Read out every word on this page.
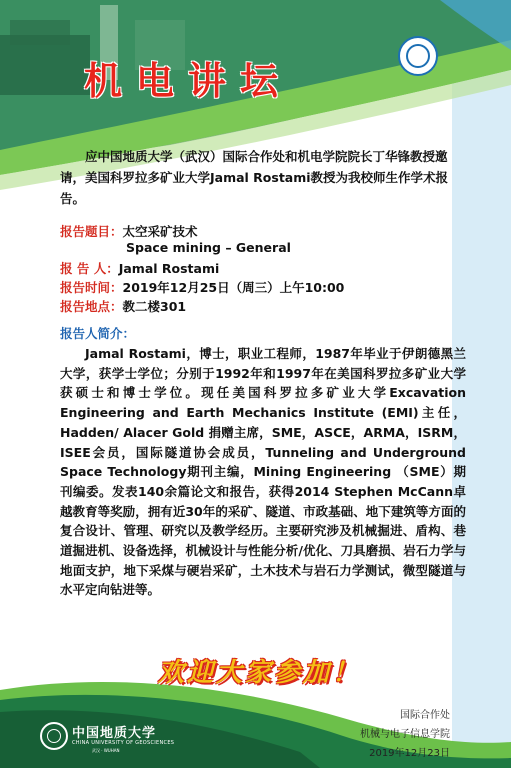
机电讲坛
应中国地质大学（武汉）国际合作处和机电学院院长丁华锋教授邀请，美国科罗拉多矿业大学Jamal Rostami教授为我校师生作学术报告。
报告题目：太空采矿技术
Space mining – General
报 告 人：Jamal Rostami
报告时间：2019年12月25日（周三）上午10:00
报告地点：教二楼301
报告人简介：
Jamal Rostami，博士，职业工程师，1987年毕业于伊朗德黑兰大学，获学士学位；分别于1992年和1997年在美国科罗拉多矿业大学获硕士和博士学位。现任美国科罗拉多矿业大学Excavation Engineering and Earth Mechanics Institute (EMI)主任，Hadden/ Alacer Gold 捐赠主席，SME，ASCE，ARMA，ISRM，ISEE会员，国际隧道协会成员，Tunneling and Underground Space Technology期刊主编，Mining Engineering （SME）期刊编委。发表140余篇论文和报告，获得2014 Stephen McCann卓越教育等奖励，拥有近30年的采矿、隧道、市政基础、地下建筑等方面的复合设计、管理、研究以及教学经历。主要研究涉及机械掘进、盾构、巷道掘进机、设备选择，机械设计与性能分析/优化、刀具磨损、岩石力学与地面支护，地下采煤与硬岩采矿，土木技术与岩石力学测试，微型隧道与水平定向钻进等。
欢迎大家参加！
国际合作处
机械与电子信息学院
2019年12月23日
中国地质大学
CHINA UNIVERSITY OF GEOSCIENCES
武汉 · WUHAN
